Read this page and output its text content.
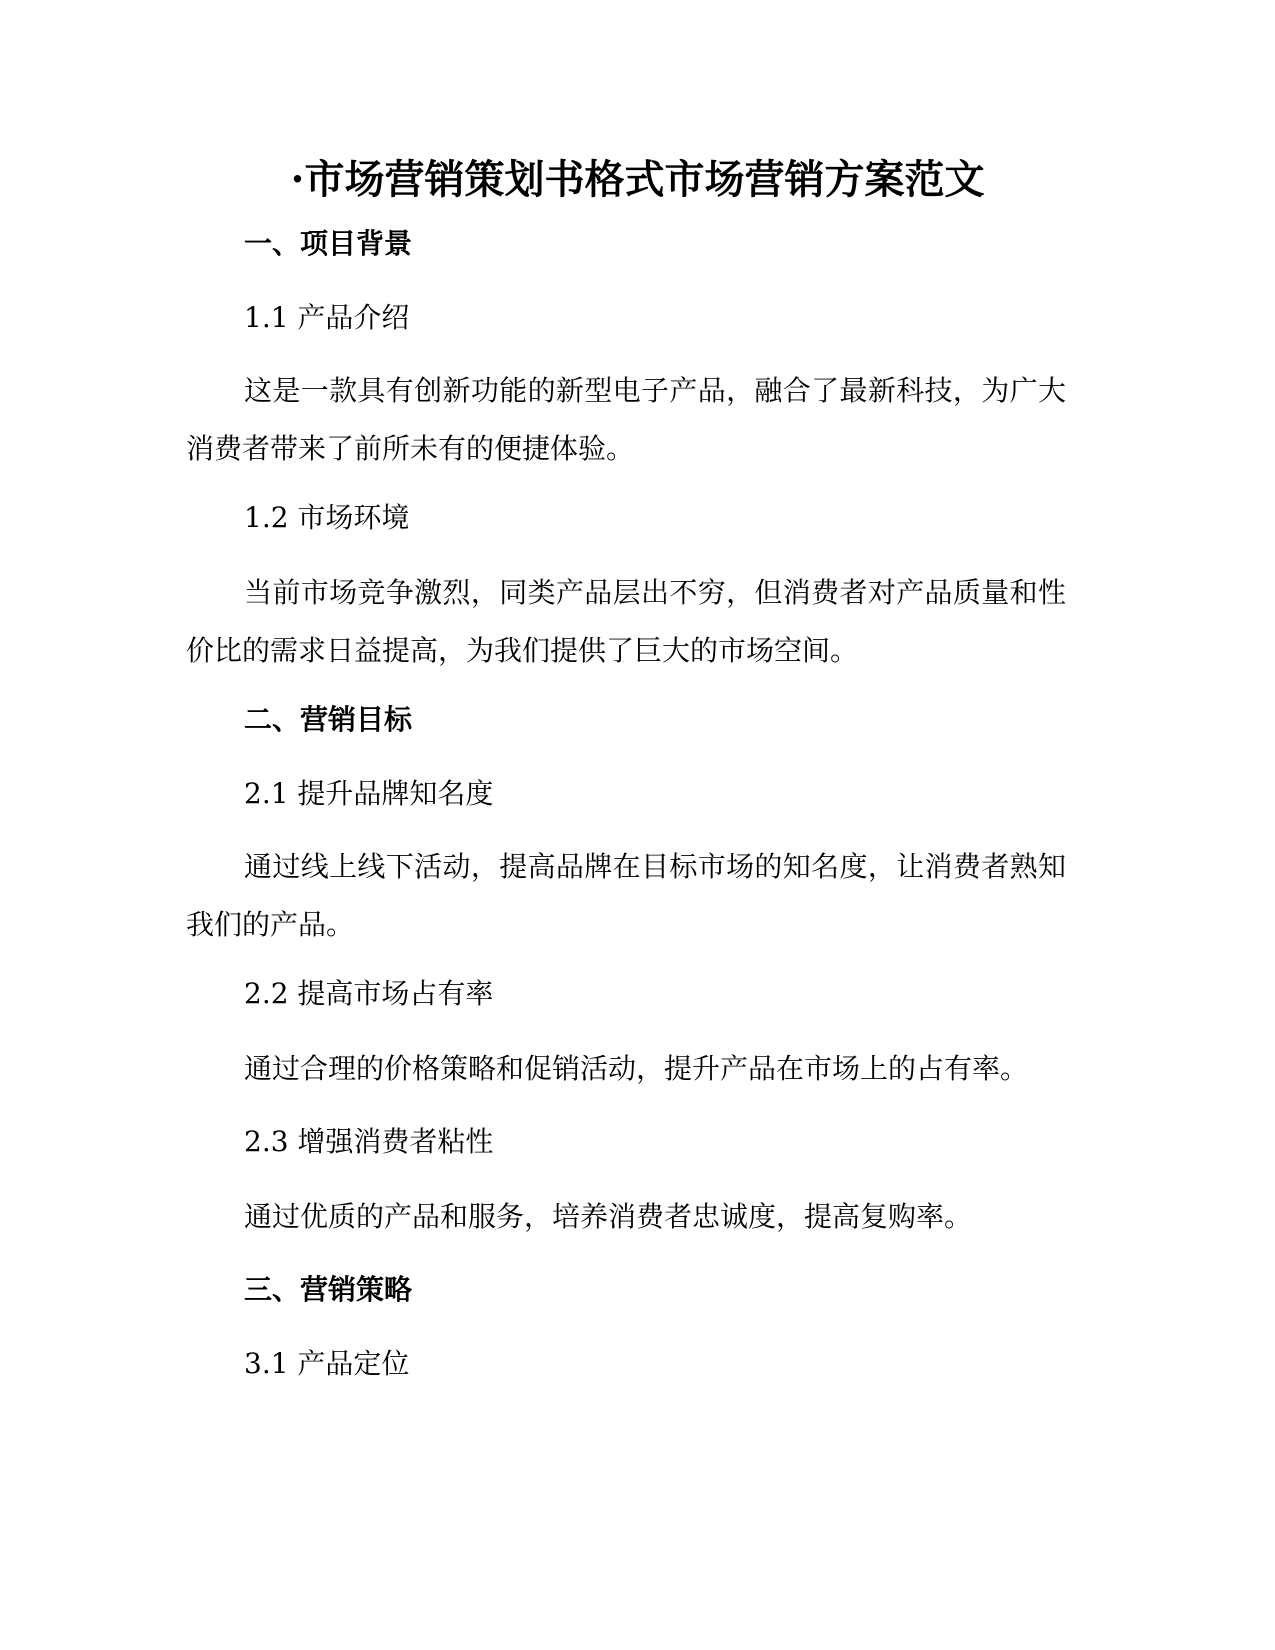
·市场营销策划书格式市场营销方案范文
一、项目背景
1.1 产品介绍

这是一款具有创新功能的新型电子产品，融合了最新科技，为广大消费者带来了前所未有的便捷体验。

1.2 市场环境

当前市场竞争激烈，同类产品层出不穷，但消费者对产品质量和性价比的需求日益提高，为我们提供了巨大的市场空间。

二、营销目标
2.1 提升品牌知名度

通过线上线下活动，提高品牌在目标市场的知名度，让消费者熟知我们的产品。

2.2 提高市场占有率

通过合理的价格策略和促销活动，提升产品在市场上的占有率。

2.3 增强消费者粘性

通过优质的产品和服务，培养消费者忠诚度，提高复购率。

三、营销策略
3.1 产品定位
